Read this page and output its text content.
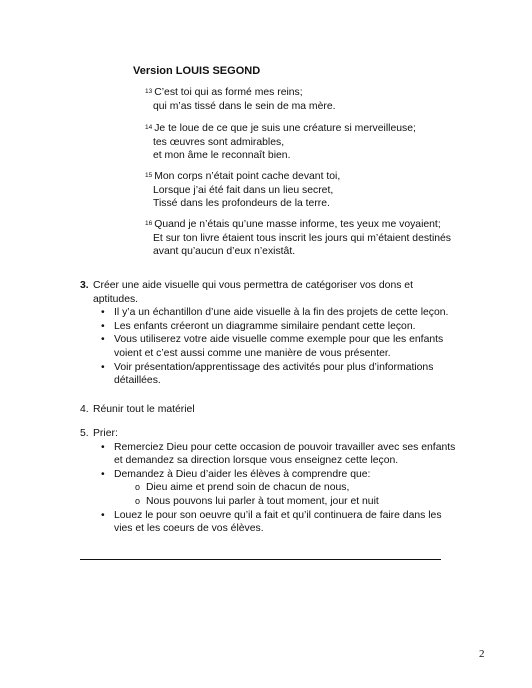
Version LOUIS SEGOND
$^{13}$ C’est toi qui as formé mes reins;
qui m’as tissé dans le sein de ma mère.
$^{14}$ Je te loue de ce que je suis une créature si merveilleuse;
tes œuvres sont admirables,
et mon âme le reconnaît bien.
$^{15}$ Mon corps n’était point cache devant toi,
Lorsque j’ai été fait dans un lieu secret,
Tissé dans les profondeurs de la terre.
$^{16}$ Quand je n’étais qu’une masse informe, tes yeux me voyaient;
Et sur ton livre étaient tous inscrit les jours qui m’étaient destinés
avant qu’aucun d’eux n’existât.
3. Créer une aide visuelle qui vous permettra de catégoriser vos dons et aptitudes.
• Il y’a un échantillon d’une aide visuelle à la fin des projets de cette leçon.
• Les enfants créeront un diagramme similaire pendant cette leçon.
• Vous utiliserez votre aide visuelle comme exemple pour que les enfants voient et c’est aussi comme une manière de vous présenter.
• Voir présentation/apprentissage des activités pour plus d’informations détaillées.
4. Réunir tout le matériel
5. Prier:
• Remerciez Dieu pour cette occasion de pouvoir travailler avec ses enfants et demandez sa direction lorsque vous enseignez cette leçon.
• Demandez à Dieu d’aider les élèves à comprendre que:
o Dieu aime et prend soin de chacun de nous,
o Nous pouvons lui parler à tout moment, jour et nuit
• Louez le pour son oeuvre qu’il a fait et qu’il continuera de faire dans les vies et les coeurs de vos élèves.
2
